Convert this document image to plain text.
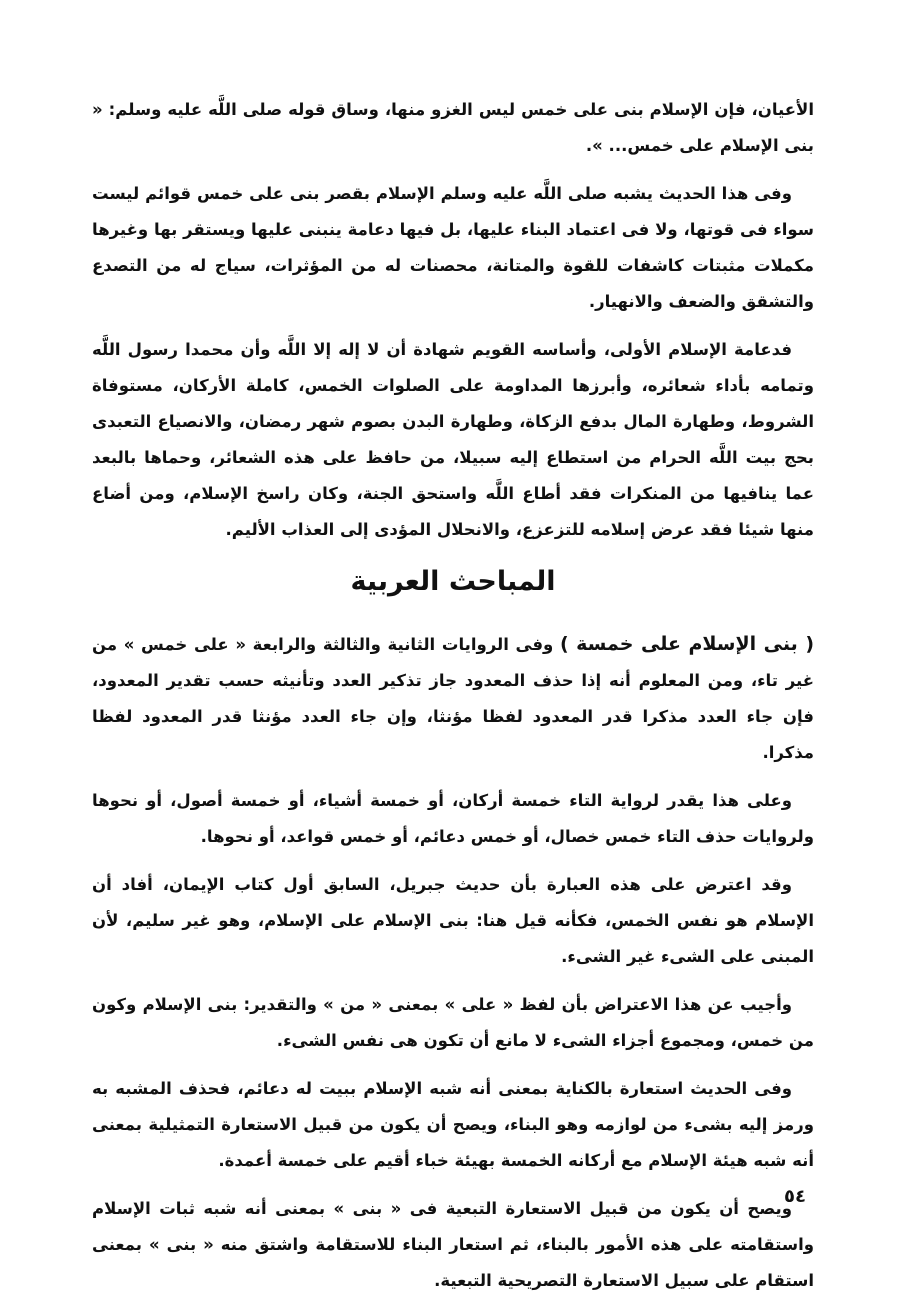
الأعيان، فإن الإسلام بنى على خمس ليس الغزو منها، وساق قوله صلى اللَّه عليه وسلم: « بنى الإسلام على خمس... ».

وفى هذا الحديث يشبه صلى اللَّه عليه وسلم الإسلام بقصر بنى على خمس قوائم ليست سواء فى قوتها، ولا فى اعتماد البناء عليها، بل فيها دعامة ينبنى عليها ويستقر بها وغيرها مكملات مثبتات كاشفات للقوة والمتانة، محصنات له من المؤثرات، سياج له من التصدع والتشقق والضعف والانهيار.

فدعامة الإسلام الأولى، وأساسه القويم شهادة أن لا إله إلا اللَّه وأن محمدا رسول اللَّه وتمامه بأداء شعائره، وأبرزها المداومة على الصلوات الخمس، كاملة الأركان، مستوفاة الشروط، وطهارة المال بدفع الزكاة، وطهارة البدن بصوم شهر رمضان، والانصياع التعبدى بحج بيت اللَّه الحرام من استطاع إليه سبيلا، من حافظ على هذه الشعائر، وحماها بالبعد عما ينافيها من المنكرات فقد أطاع اللَّه واستحق الجنة، وكان راسخ الإسلام، ومن أضاع منها شيئا فقد عرض إسلامه للتزعزع، والانحلال المؤدى إلى العذاب الأليم.

المباحث العربية

( بنى الإسلام على خمسة ) وفى الروايات الثانية والثالثة والرابعة « على خمس » من غير تاء، ومن المعلوم أنه إذا حذف المعدود جاز تذكير العدد وتأنيثه حسب تقدير المعدود، فإن جاء العدد مذكرا قدر المعدود لفظا مؤنثا، وإن جاء العدد مؤنثا قدر المعدود لفظا مذكرا.

وعلى هذا يقدر لرواية التاء خمسة أركان، أو خمسة أشياء، أو خمسة أصول، أو نحوها ولروايات حذف التاء خمس خصال، أو خمس دعائم، أو خمس قواعد، أو نحوها.

وقد اعترض على هذه العبارة بأن حديث جبريل، السابق أول كتاب الإيمان، أفاد أن الإسلام هو نفس الخمس، فكأنه قيل هنا: بنى الإسلام على الإسلام، وهو غير سليم، لأن المبنى على الشىء غير الشىء.

وأجيب عن هذا الاعتراض بأن لفظ « على » بمعنى « من » والتقدير: بنى الإسلام وكون من خمس، ومجموع أجزاء الشىء لا مانع أن تكون هى نفس الشىء.

وفى الحديث استعارة بالكناية بمعنى أنه شبه الإسلام ببيت له دعائم، فحذف المشبه به ورمز إليه بشىء من لوازمه وهو البناء، ويصح أن يكون من قبيل الاستعارة التمثيلية بمعنى أنه شبه هيئة الإسلام مع أركانه الخمسة بهيئة خباء أقيم على خمسة أعمدة.

ويصح أن يكون من قبيل الاستعارة التبعية فى « بنى » بمعنى أنه شبه ثبات الإسلام واستقامته على هذه الأمور بالبناء، ثم استعار البناء للاستقامة واشتق منه « بنى » بمعنى استقام على سبيل الاستعارة التصريحية التبعية.

٥٤
